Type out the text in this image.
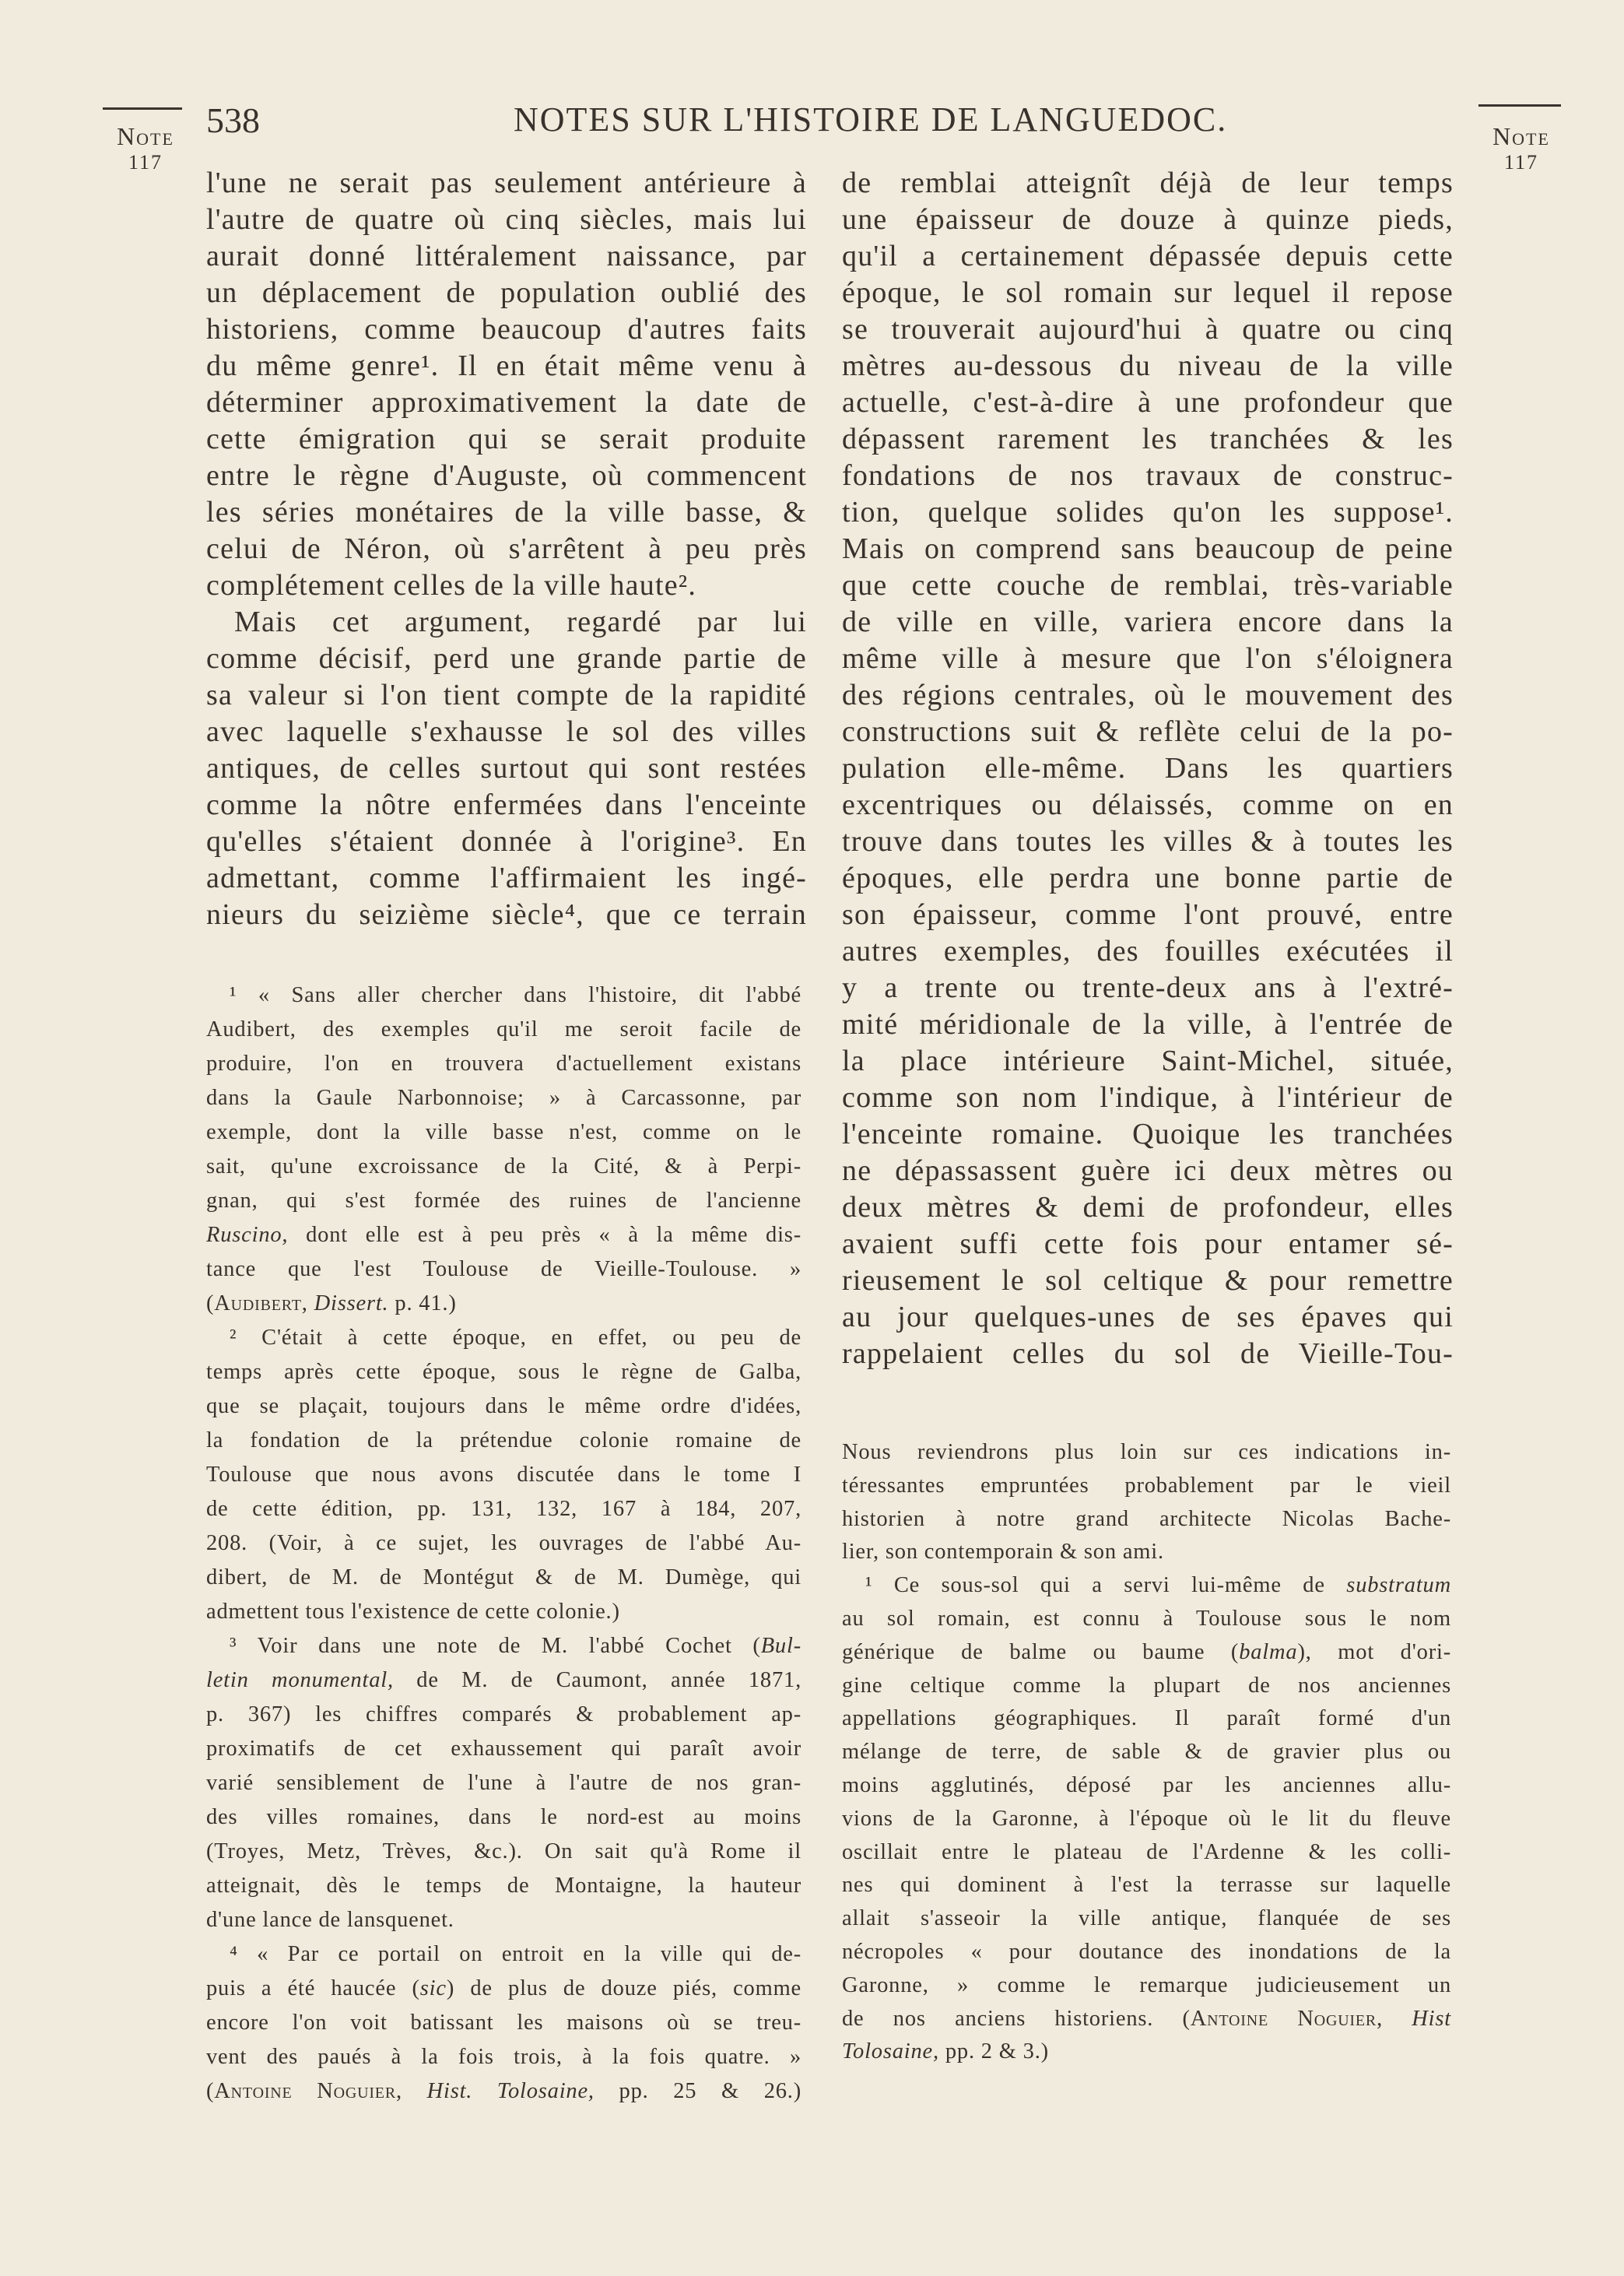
Note
117
Note
117
538	NOTES SUR L'HISTOIRE DE LANGUEDOC.
l'une ne serait pas seulement antérieure à
l'autre de quatre où cinq siècles, mais lui
aurait donné littéralement naissance, par
un déplacement de population oublié des
historiens, comme beaucoup d'autres faits
du même genre¹. Il en était même venu à
déterminer approximativement la date de
cette émigration qui se serait produite
entre le règne d'Auguste, où commencent
les séries monétaires de la ville basse, &
celui de Néron, où s'arrêtent à peu près
complétement celles de la ville haute².
Mais cet argument, regardé par lui
comme décisif, perd une grande partie de
sa valeur si l'on tient compte de la rapidité
avec laquelle s'exhausse le sol des villes
antiques, de celles surtout qui sont restées
comme la nôtre enfermées dans l'enceinte
qu'elles s'étaient donnée à l'origine³. En
admettant, comme l'affirmaient les ingé-
nieurs du seizième siècle⁴, que ce terrain
de remblai atteignît déjà de leur temps
une épaisseur de douze à quinze pieds,
qu'il a certainement dépassée depuis cette
époque, le sol romain sur lequel il repose
se trouverait aujourd'hui à quatre ou cinq
mètres au-dessous du niveau de la ville
actuelle, c'est-à-dire à une profondeur que
dépassent rarement les tranchées & les
fondations de nos travaux de construc-
tion, quelque solides qu'on les suppose¹.
Mais on comprend sans beaucoup de peine
que cette couche de remblai, très-variable
de ville en ville, variera encore dans la
même ville à mesure que l'on s'éloignera
des régions centrales, où le mouvement des
constructions suit & reflète celui de la po-
pulation elle-même. Dans les quartiers
excentriques ou délaissés, comme on en
trouve dans toutes les villes & à toutes les
époques, elle perdra une bonne partie de
son épaisseur, comme l'ont prouvé, entre
autres exemples, des fouilles exécutées il
y a trente ou trente-deux ans à l'extré-
mité méridionale de la ville, à l'entrée de
la place intérieure Saint-Michel, située,
comme son nom l'indique, à l'intérieur de
l'enceinte romaine. Quoique les tranchées
ne dépassassent guère ici deux mètres ou
deux mètres & demi de profondeur, elles
avaient suffi cette fois pour entamer sé-
rieusement le sol celtique & pour remettre
au jour quelques-unes de ses épaves qui
rappelaient celles du sol de Vieille-Tou-
¹ « Sans aller chercher dans l'histoire, dit l'abbé
Audibert, des exemples qu'il me seroit facile de
produire, l'on en trouvera d'actuellement existans
dans la Gaule Narbonnoise; » à Carcassonne, par
exemple, dont la ville basse n'est, comme on le
sait, qu'une excroissance de la Cité, & à Perpi-
gnan, qui s'est formée des ruines de l'ancienne
Ruscino, dont elle est à peu près « à la même dis-
tance que l'est Toulouse de Vieille-Toulouse. »
(Audibert, Dissert. p. 41.)
² C'était à cette époque, en effet, ou peu de
temps après cette époque, sous le règne de Galba,
que se plaçait, toujours dans le même ordre d'idées,
la fondation de la prétendue colonie romaine de
Toulouse que nous avons discutée dans le tome I
de cette édition, pp. 131, 132, 167 à 184, 207,
208. (Voir, à ce sujet, les ouvrages de l'abbé Au-
dibert, de M. de Montégut & de M. Dumège, qui
admettent tous l'existence de cette colonie.)
³ Voir dans une note de M. l'abbé Cochet (Bul-
letin monumental, de M. de Caumont, année 1871,
p. 367) les chiffres comparés & probablement ap-
proximatifs de cet exhaussement qui paraît avoir
varié sensiblement de l'une à l'autre de nos gran-
des villes romaines, dans le nord-est au moins
(Troyes, Metz, Trèves, &c.). On sait qu'à Rome il
atteignait, dès le temps de Montaigne, la hauteur
d'une lance de lansquenet.
⁴ « Par ce portail on entroit en la ville qui de-
puis a été haucée (sic) de plus de douze piés, comme
encore l'on voit batissant les maisons où se treu-
vent des paués à la fois trois, à la fois quatre. »
(Antoine Noguier, Hist. Tolosaine, pp. 25 & 26.)
Nous reviendrons plus loin sur ces indications in-
téressantes empruntées probablement par le vieil
historien à notre grand architecte Nicolas Bache-
lier, son contemporain & son ami.
¹ Ce sous-sol qui a servi lui-même de substratum
au sol romain, est connu à Toulouse sous le nom
générique de balme ou baume (balma), mot d'ori-
gine celtique comme la plupart de nos anciennes
appellations géographiques. Il paraît formé d'un
mélange de terre, de sable & de gravier plus ou
moins agglutinés, déposé par les anciennes allu-
vions de la Garonne, à l'époque où le lit du fleuve
oscillait entre le plateau de l'Ardenne & les colli-
nes qui dominent à l'est la terrasse sur laquelle
allait s'asseoir la ville antique, flanquée de ses
nécropoles « pour doutance des inondations de la
Garonne, » comme le remarque judicieusement un
de nos anciens historiens. (Antoine Noguier, Hist
Tolosaine, pp. 2 & 3.)
